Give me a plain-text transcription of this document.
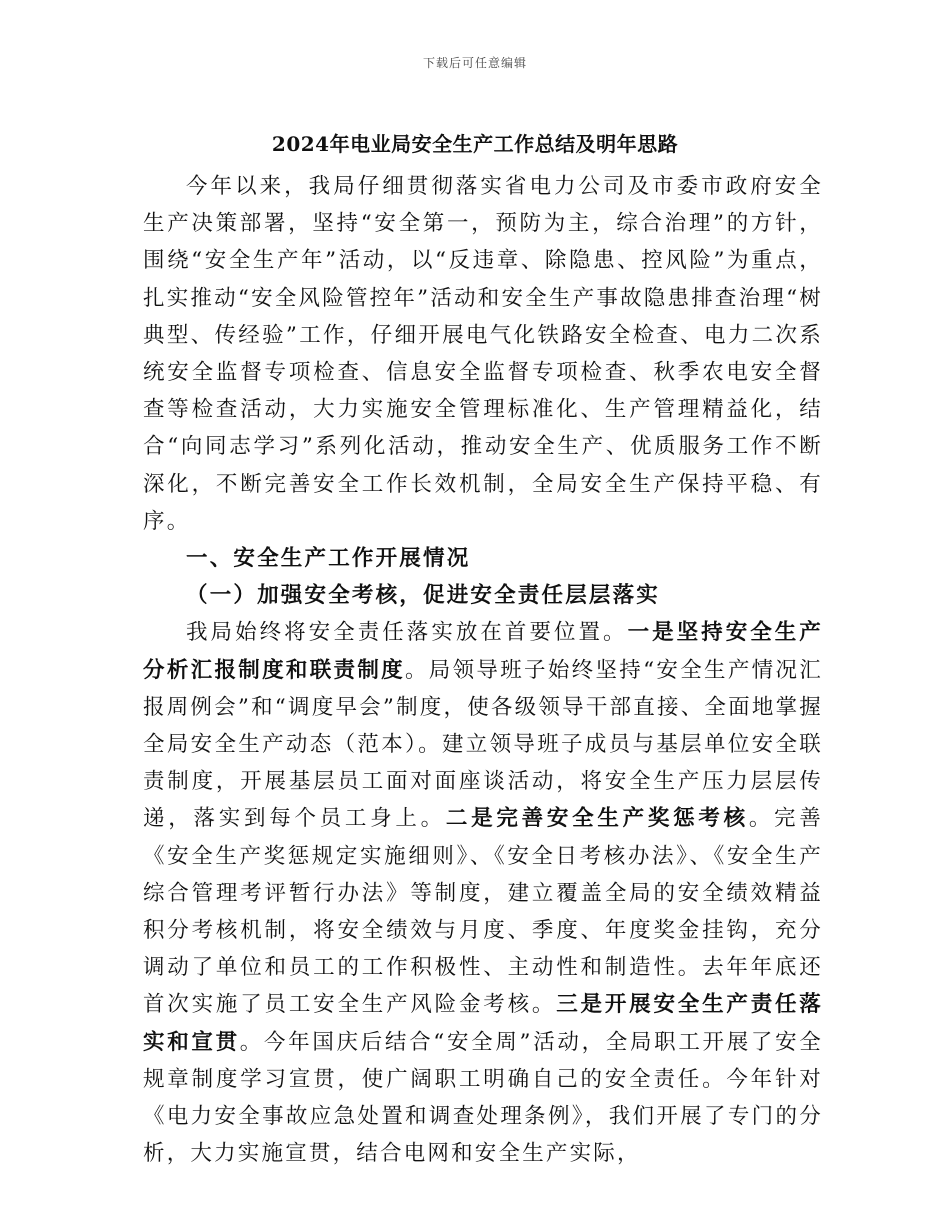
下载后可任意编辑
2024年电业局安全生产工作总结及明年思路

今年以来，我局仔细贯彻落实省电力公司及市委市政府安全生产决策部署，坚持“安全第一，预防为主，综合治理”的方针，围绕“安全生产年”活动，以“反违章、除隐患、控风险”为重点，扎实推动“安全风险管控年”活动和安全生产事故隐患排查治理“树典型、传经验”工作，仔细开展电气化铁路安全检查、电力二次系统安全监督专项检查、信息安全监督专项检查、秋季农电安全督查等检查活动，大力实施安全管理标准化、生产管理精益化，结合“向同志学习”系列化活动，推动安全生产、优质服务工作不断深化，不断完善安全工作长效机制，全局安全生产保持平稳、有序。

一、安全生产工作开展情况

（一）加强安全考核，促进安全责任层层落实

我局始终将安全责任落实放在首要位置。一是坚持安全生产分析汇报制度和联责制度。局领导班子始终坚持“安全生产情况汇报周例会”和“调度早会”制度，使各级领导干部直接、全面地掌握全局安全生产动态（范本）。建立领导班子成员与基层单位安全联责制度，开展基层员工面对面座谈活动，将安全生产压力层层传递，落实到每个员工身上。二是完善安全生产奖惩考核。完善《安全生产奖惩规定实施细则》、《安全日考核办法》、《安全生产综合管理考评暂行办法》等制度，建立覆盖全局的安全绩效精益积分考核机制，将安全绩效与月度、季度、年度奖金挂钩，充分调动了单位和员工的工作积极性、主动性和制造性。去年年底还首次实施了员工安全生产风险金考核。三是开展安全生产责任落实和宣贯。今年国庆后结合“安全周”活动，全局职工开展了安全规章制度学习宣贯，使广阔职工明确自己的安全责任。今年针对《电力安全事故应急处置和调查处理条例》，我们开展了专门的分析，大力实施宣贯，结合电网和安全生产实际，
